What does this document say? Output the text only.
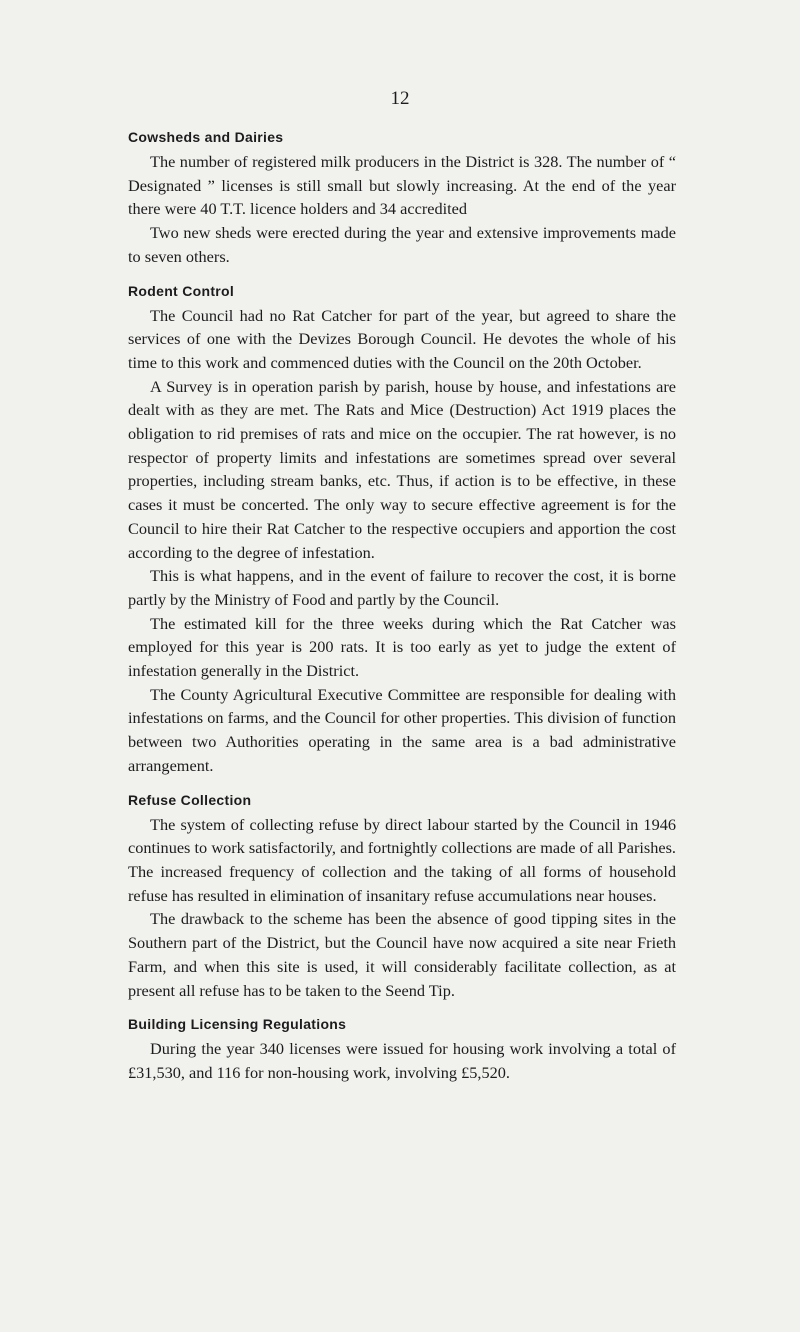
12
Cowsheds and Dairies

The number of registered milk producers in the District is 328. The number of “ Designated ” licenses is still small but slowly increasing. At the end of the year there were 40 T.T. licence holders and 34 accredited

Two new sheds were erected during the year and extensive improvements made to seven others.

Rodent Control

The Council had no Rat Catcher for part of the year, but agreed to share the services of one with the Devizes Borough Council. He devotes the whole of his time to this work and commenced duties with the Council on the 20th October.

A Survey is in operation parish by parish, house by house, and infestations are dealt with as they are met. The Rats and Mice (Destruction) Act 1919 places the obligation to rid premises of rats and mice on the occupier. The rat however, is no respector of property limits and infestations are sometimes spread over several properties, including stream banks, etc. Thus, if action is to be effective, in these cases it must be concerted. The only way to secure effective agreement is for the Council to hire their Rat Catcher to the respective occupiers and apportion the cost according to the degree of infestation.

This is what happens, and in the event of failure to recover the cost, it is borne partly by the Ministry of Food and partly by the Council.

The estimated kill for the three weeks during which the Rat Catcher was employed for this year is 200 rats. It is too early as yet to judge the extent of infestation generally in the District.

The County Agricultural Executive Committee are responsible for dealing with infestations on farms, and the Council for other properties. This division of function between two Authorities operating in the same area is a bad administrative arrangement.

Refuse Collection

The system of collecting refuse by direct labour started by the Council in 1946 continues to work satisfactorily, and fortnightly collections are made of all Parishes. The increased frequency of collection and the taking of all forms of household refuse has resulted in elimination of insanitary refuse accumulations near houses.

The drawback to the scheme has been the absence of good tipping sites in the Southern part of the District, but the Council have now acquired a site near Frieth Farm, and when this site is used, it will considerably facilitate collection, as at present all refuse has to be taken to the Seend Tip.

Building Licensing Regulations

During the year 340 licenses were issued for housing work involving a total of £31,530, and 116 for non-housing work, involving £5,520.
